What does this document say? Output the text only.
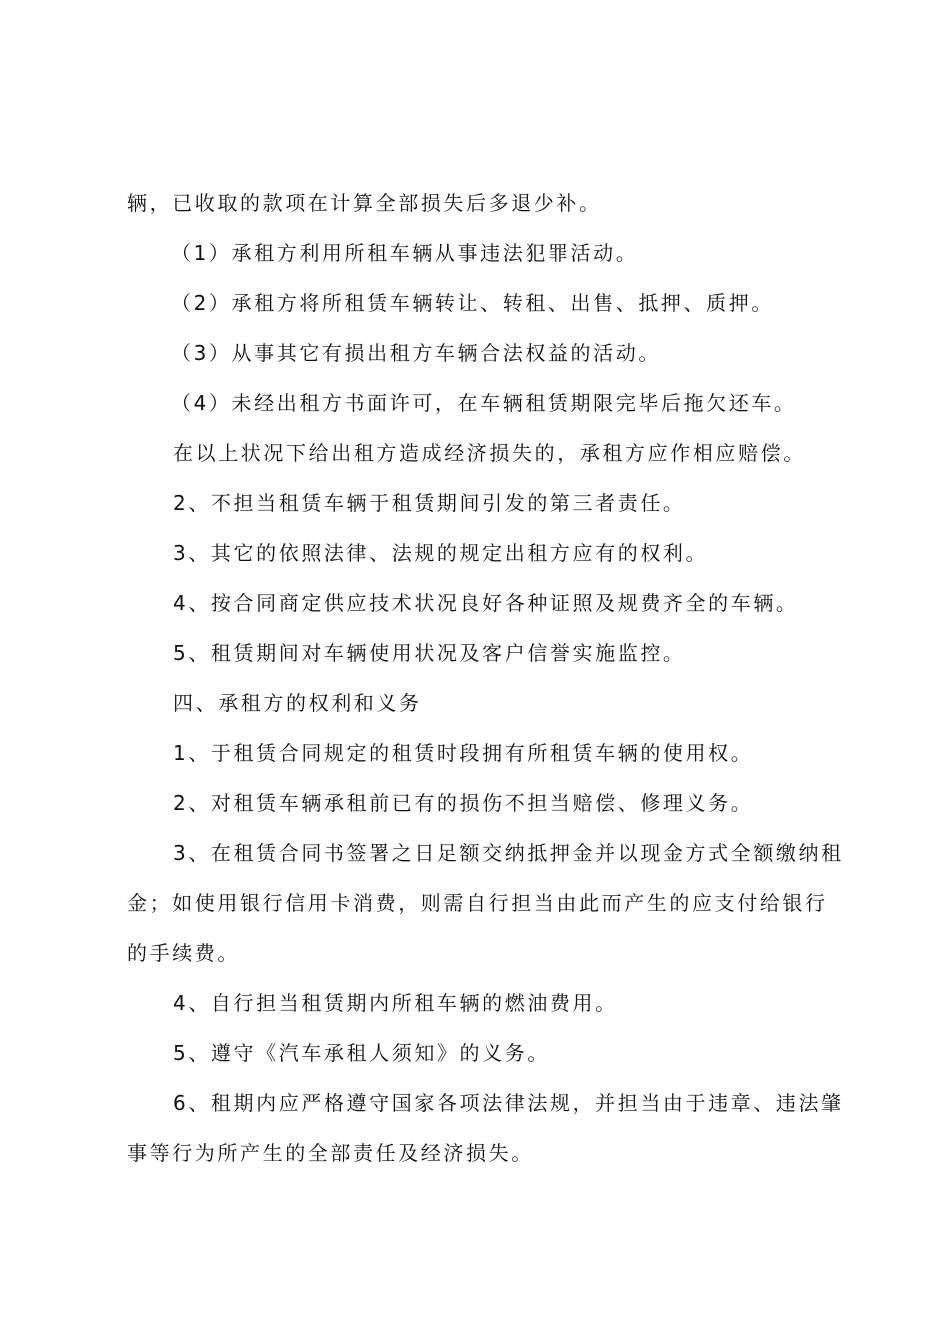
辆，已收取的款项在计算全部损失后多退少补。

（1）承租方利用所租车辆从事违法犯罪活动。

（2）承租方将所租赁车辆转让、转租、出售、抵押、质押。

（3）从事其它有损出租方车辆合法权益的活动。

（4）未经出租方书面许可，在车辆租赁期限完毕后拖欠还车。

在以上状况下给出租方造成经济损失的，承租方应作相应赔偿。

2、不担当租赁车辆于租赁期间引发的第三者责任。

3、其它的依照法律、法规的规定出租方应有的权利。

4、按合同商定供应技术状况良好各种证照及规费齐全的车辆。

5、租赁期间对车辆使用状况及客户信誉实施监控。

四、承租方的权利和义务

1、于租赁合同规定的租赁时段拥有所租赁车辆的使用权。

2、对租赁车辆承租前已有的损伤不担当赔偿、修理义务。

3、在租赁合同书签署之日足额交纳抵押金并以现金方式全额缴纳租

金；如使用银行信用卡消费，则需自行担当由此而产生的应支付给银行

的手续费。

4、自行担当租赁期内所租车辆的燃油费用。

5、遵守《汽车承租人须知》的义务。

6、租期内应严格遵守国家各项法律法规，并担当由于违章、违法肇

事等行为所产生的全部责任及经济损失。
